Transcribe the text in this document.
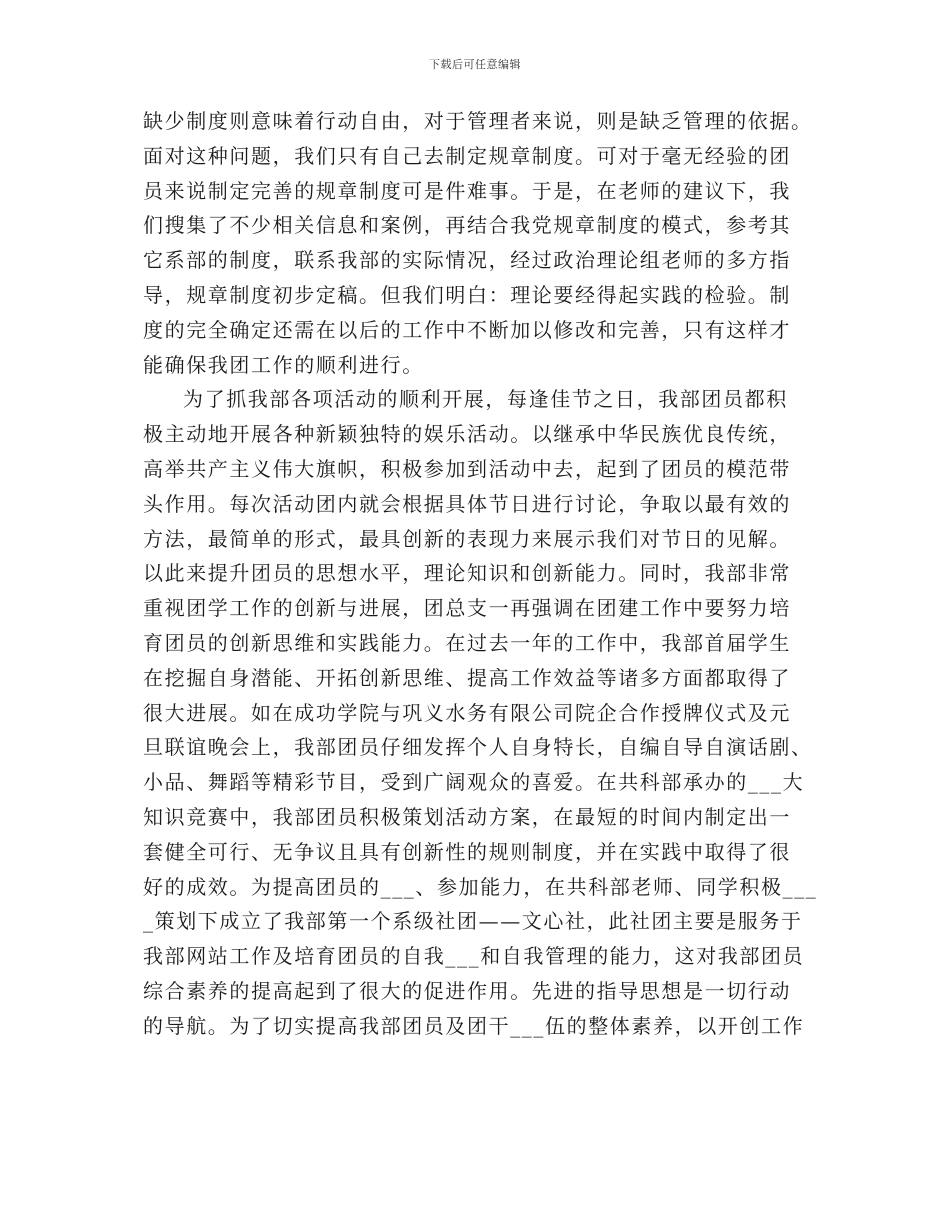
下载后可任意编辑
缺少制度则意味着行动自由，对于管理者来说，则是缺乏管理的依据。
面对这种问题，我们只有自己去制定规章制度。可对于毫无经验的团
员来说制定完善的规章制度可是件难事。于是，在老师的建议下，我
们搜集了不少相关信息和案例，再结合我党规章制度的模式，参考其
它系部的制度，联系我部的实际情况，经过政治理论组老师的多方指
导，规章制度初步定稿。但我们明白：理论要经得起实践的检验。制
度的完全确定还需在以后的工作中不断加以修改和完善，只有这样才
能确保我团工作的顺利进行。
为了抓我部各项活动的顺利开展，每逢佳节之日，我部团员都积
极主动地开展各种新颖独特的娱乐活动。以继承中华民族优良传统，
高举共产主义伟大旗帜，积极参加到活动中去，起到了团员的模范带
头作用。每次活动团内就会根据具体节日进行讨论，争取以最有效的
方法，最简单的形式，最具创新的表现力来展示我们对节日的见解。
以此来提升团员的思想水平，理论知识和创新能力。同时，我部非常
重视团学工作的创新与进展，团总支一再强调在团建工作中要努力培
育团员的创新思维和实践能力。在过去一年的工作中，我部首届学生
在挖掘自身潜能、开拓创新思维、提高工作效益等诸多方面都取得了
很大进展。如在成功学院与巩义水务有限公司院企合作授牌仪式及元
旦联谊晚会上，我部团员仔细发挥个人自身特长，自编自导自演话剧、
小品、舞蹈等精彩节目，受到广阔观众的喜爱。在共科部承办的___大
知识竞赛中，我部团员积极策划活动方案，在最短的时间内制定出一
套健全可行、无争议且具有创新性的规则制度，并在实践中取得了很
好的成效。为提高团员的___、参加能力，在共科部老师、同学积极___
_策划下成立了我部第一个系级社团——文心社，此社团主要是服务于
我部网站工作及培育团员的自我___和自我管理的能力，这对我部团员
综合素养的提高起到了很大的促进作用。先进的指导思想是一切行动
的导航。为了切实提高我部团员及团干___伍的整体素养，以开创工作
